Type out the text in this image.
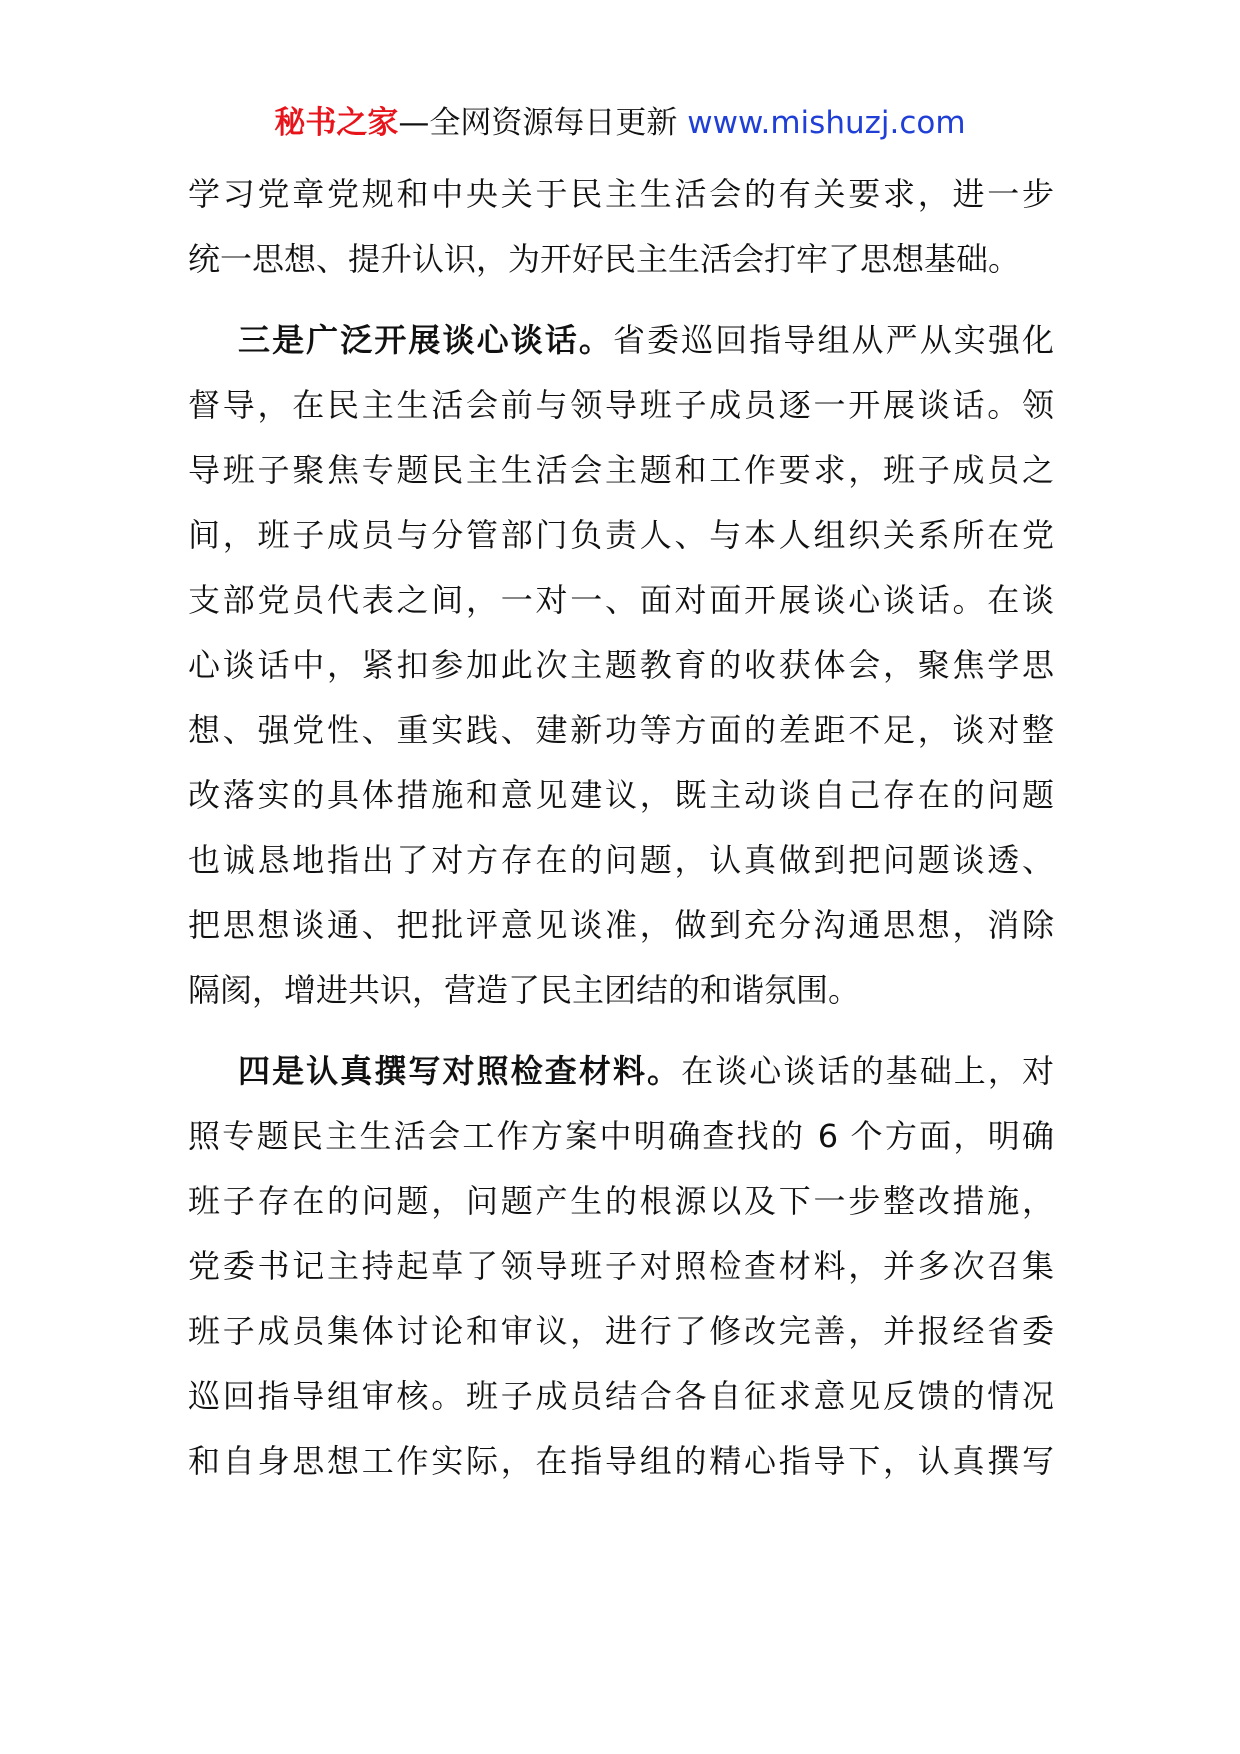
秘书之家—全网资源每日更新 www.mishuzj.com
学习党章党规和中央关于民主生活会的有关要求，进一步
统一思想、提升认识，为开好民主生活会打牢了思想基础。
三是广泛开展谈心谈话。省委巡回指导组从严从实强化
督导，在民主生活会前与领导班子成员逐一开展谈话。领
导班子聚焦专题民主生活会主题和工作要求，班子成员之
间，班子成员与分管部门负责人、与本人组织关系所在党
支部党员代表之间，一对一、面对面开展谈心谈话。在谈
心谈话中，紧扣参加此次主题教育的收获体会，聚焦学思
想、强党性、重实践、建新功等方面的差距不足，谈对整
改落实的具体措施和意见建议，既主动谈自己存在的问题
也诚恳地指出了对方存在的问题，认真做到把问题谈透、
把思想谈通、把批评意见谈准，做到充分沟通思想，消除
隔阂，增进共识，营造了民主团结的和谐氛围。
四是认真撰写对照检查材料。在谈心谈话的基础上，对
照专题民主生活会工作方案中明确查找的 6 个方面，明确
班子存在的问题，问题产生的根源以及下一步整改措施，
党委书记主持起草了领导班子对照检查材料，并多次召集
班子成员集体讨论和审议，进行了修改完善，并报经省委
巡回指导组审核。班子成员结合各自征求意见反馈的情况
和自身思想工作实际，在指导组的精心指导下，认真撰写
